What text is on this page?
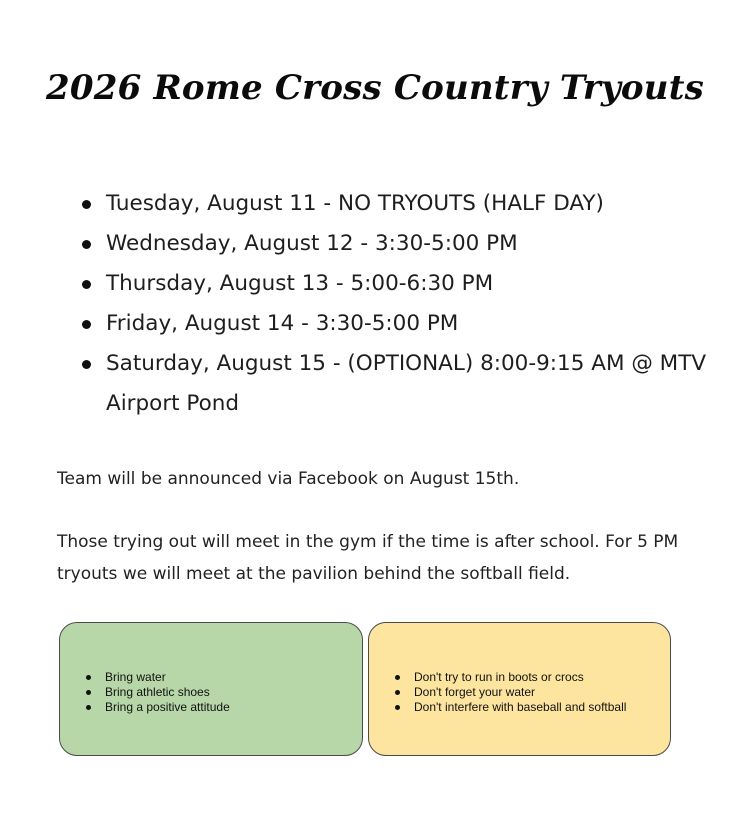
2026 Rome Cross Country Tryouts
Tuesday, August 11 - NO TRYOUTS (HALF DAY)
Wednesday, August 12 - 3:30-5:00 PM
Thursday, August 13 - 5:00-6:30 PM
Friday, August 14 - 3:30-5:00 PM
Saturday, August 15 - (OPTIONAL) 8:00-9:15 AM @ MTV Airport Pond
Team will be announced via Facebook on August 15th.
Those trying out will meet in the gym if the time is after school. For 5 PM tryouts we will meet at the pavilion behind the softball field.
Bring water
Bring athletic shoes
Bring a positive attitude
Don't try to run in boots or crocs
Don't forget your water
Don't interfere with baseball and softball
